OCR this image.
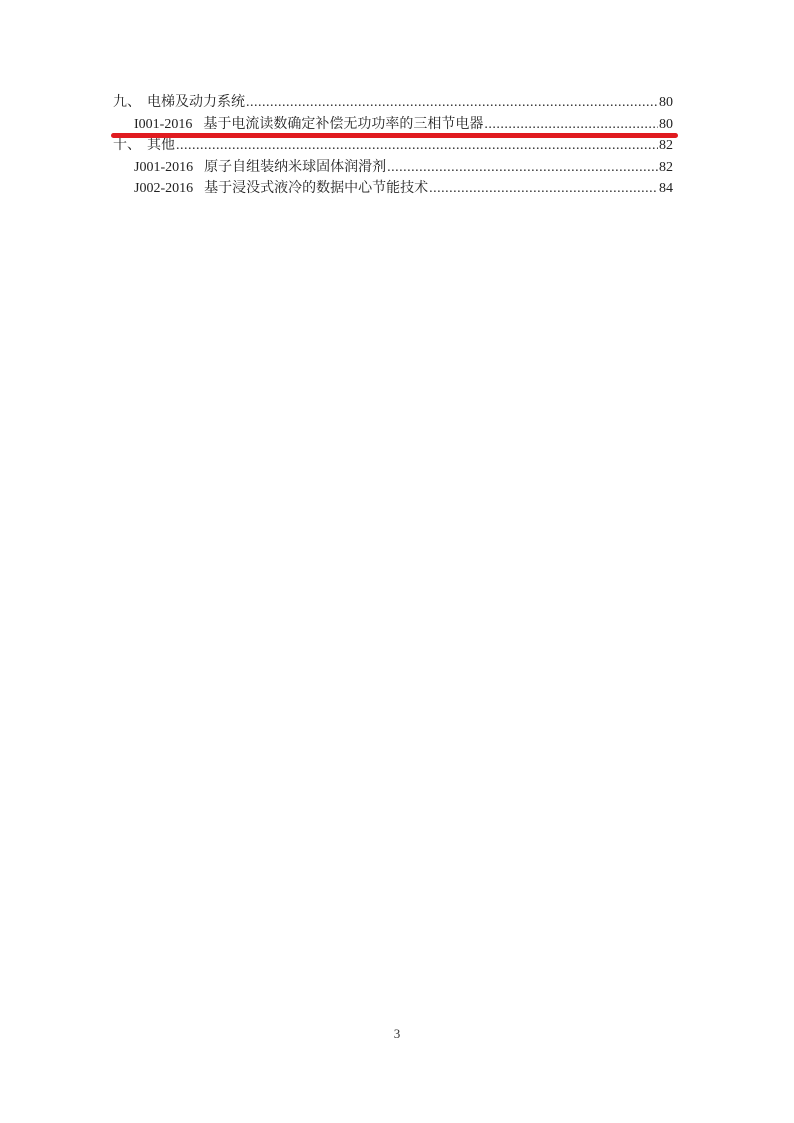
九、 电梯及动力系统 .....	80
I001-2016 基于电流读数确定补偿无功功率的三相节电器 .....	80
十、 其他 .....	82
J001-2016 原子自组装纳米球固体润滑剂 .....	82
J002-2016 基于浸没式液冷的数据中心节能技术 .....	84
3
